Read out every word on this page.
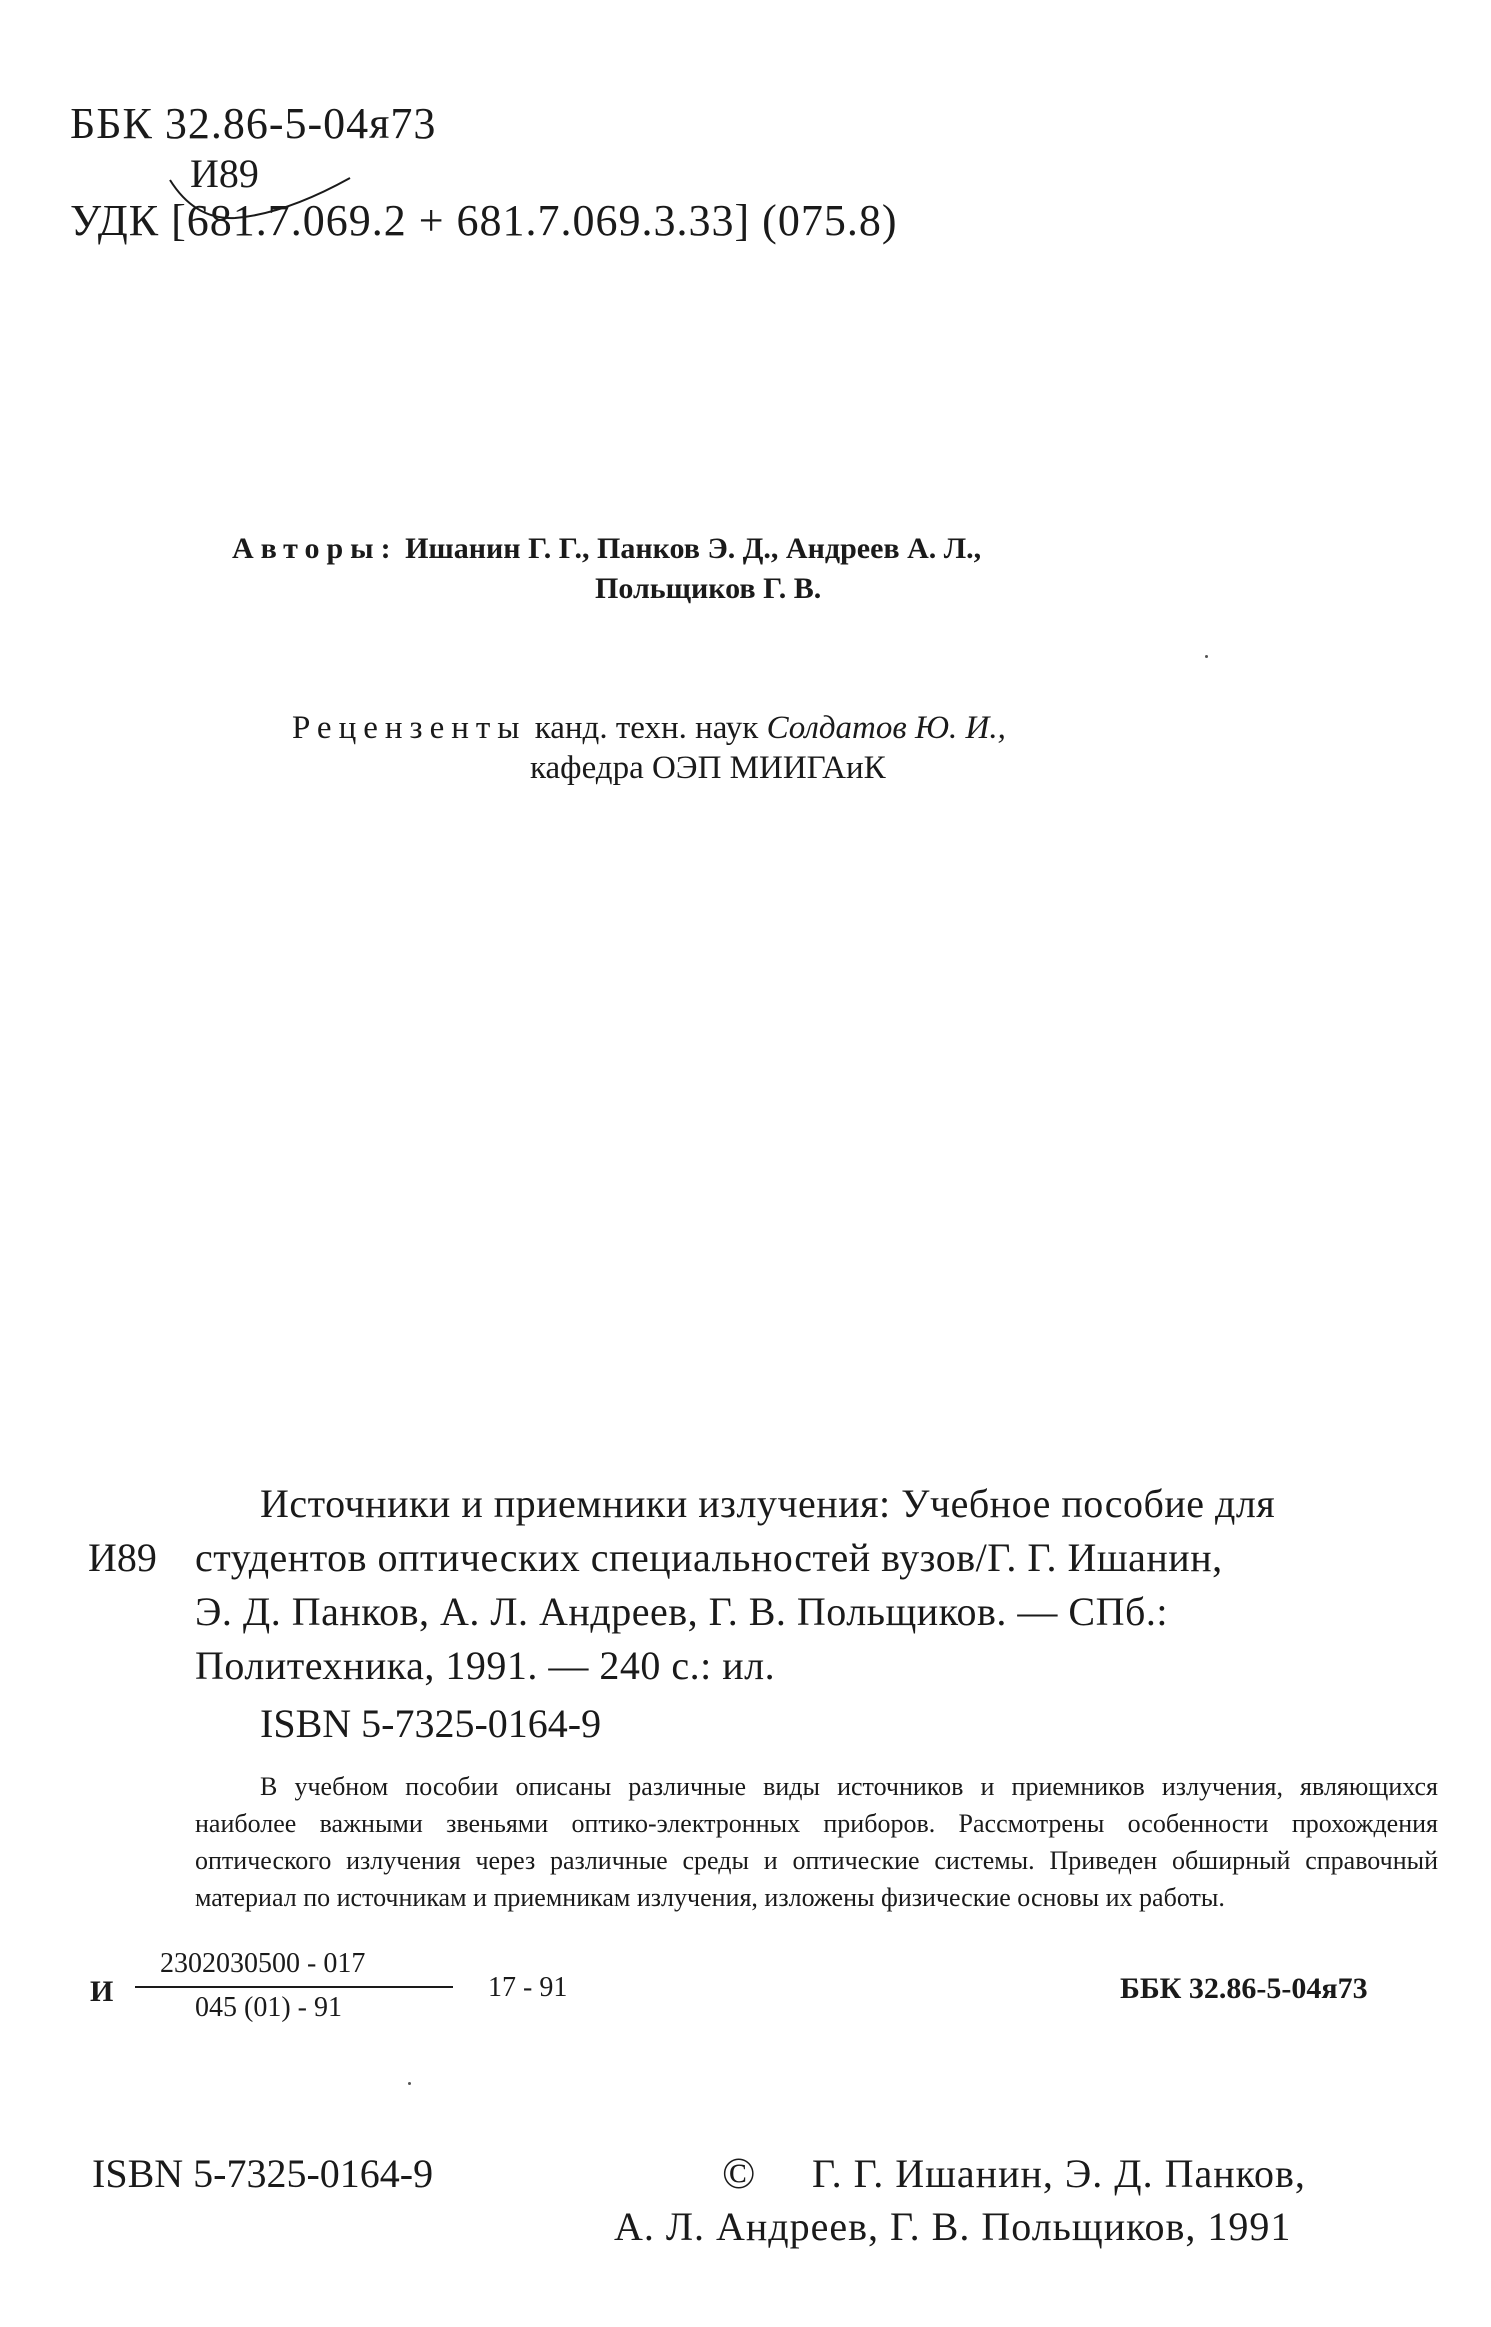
ББК 32.86-5-04я73
И89
УДК [681.7.069.2 + 681.7.069.3.33] (075.8)
Авторы: Ишанин Г. Г., Панков Э. Д., Андреев А. Л.,
Польщиков Г. В.
Рецензенты канд. техн. наук Солдатов Ю. И.,
кафедра ОЭП МИИГАиК
Источники и приемники излучения: Учебное пособие для
И89 студентов оптических специальностей вузов/Г. Г. Ишанин,
Э. Д. Панков, А. Л. Андреев, Г. В. Польщиков. — СПб.:
Политехника, 1991. — 240 с.: ил.
ISBN 5-7325-0164-9
В учебном пособии описаны различные виды источников и приемников излучения, являющихся наиболее важными звеньями оптико-электронных приборов. Рассмотрены особенности прохождения оптического излучения через различные среды и оптические системы. Приведен обширный справочный материал по источникам и приемникам излучения, изложены физические основы их работы.
И
2302030500 - 017
045 (01) - 91
17 - 91	ББК 32.86-5-04я73
ISBN 5-7325-0164-9	© Г. Г. Ишанин, Э. Д. Панков,
А. Л. Андреев, Г. В. Польщиков, 1991
